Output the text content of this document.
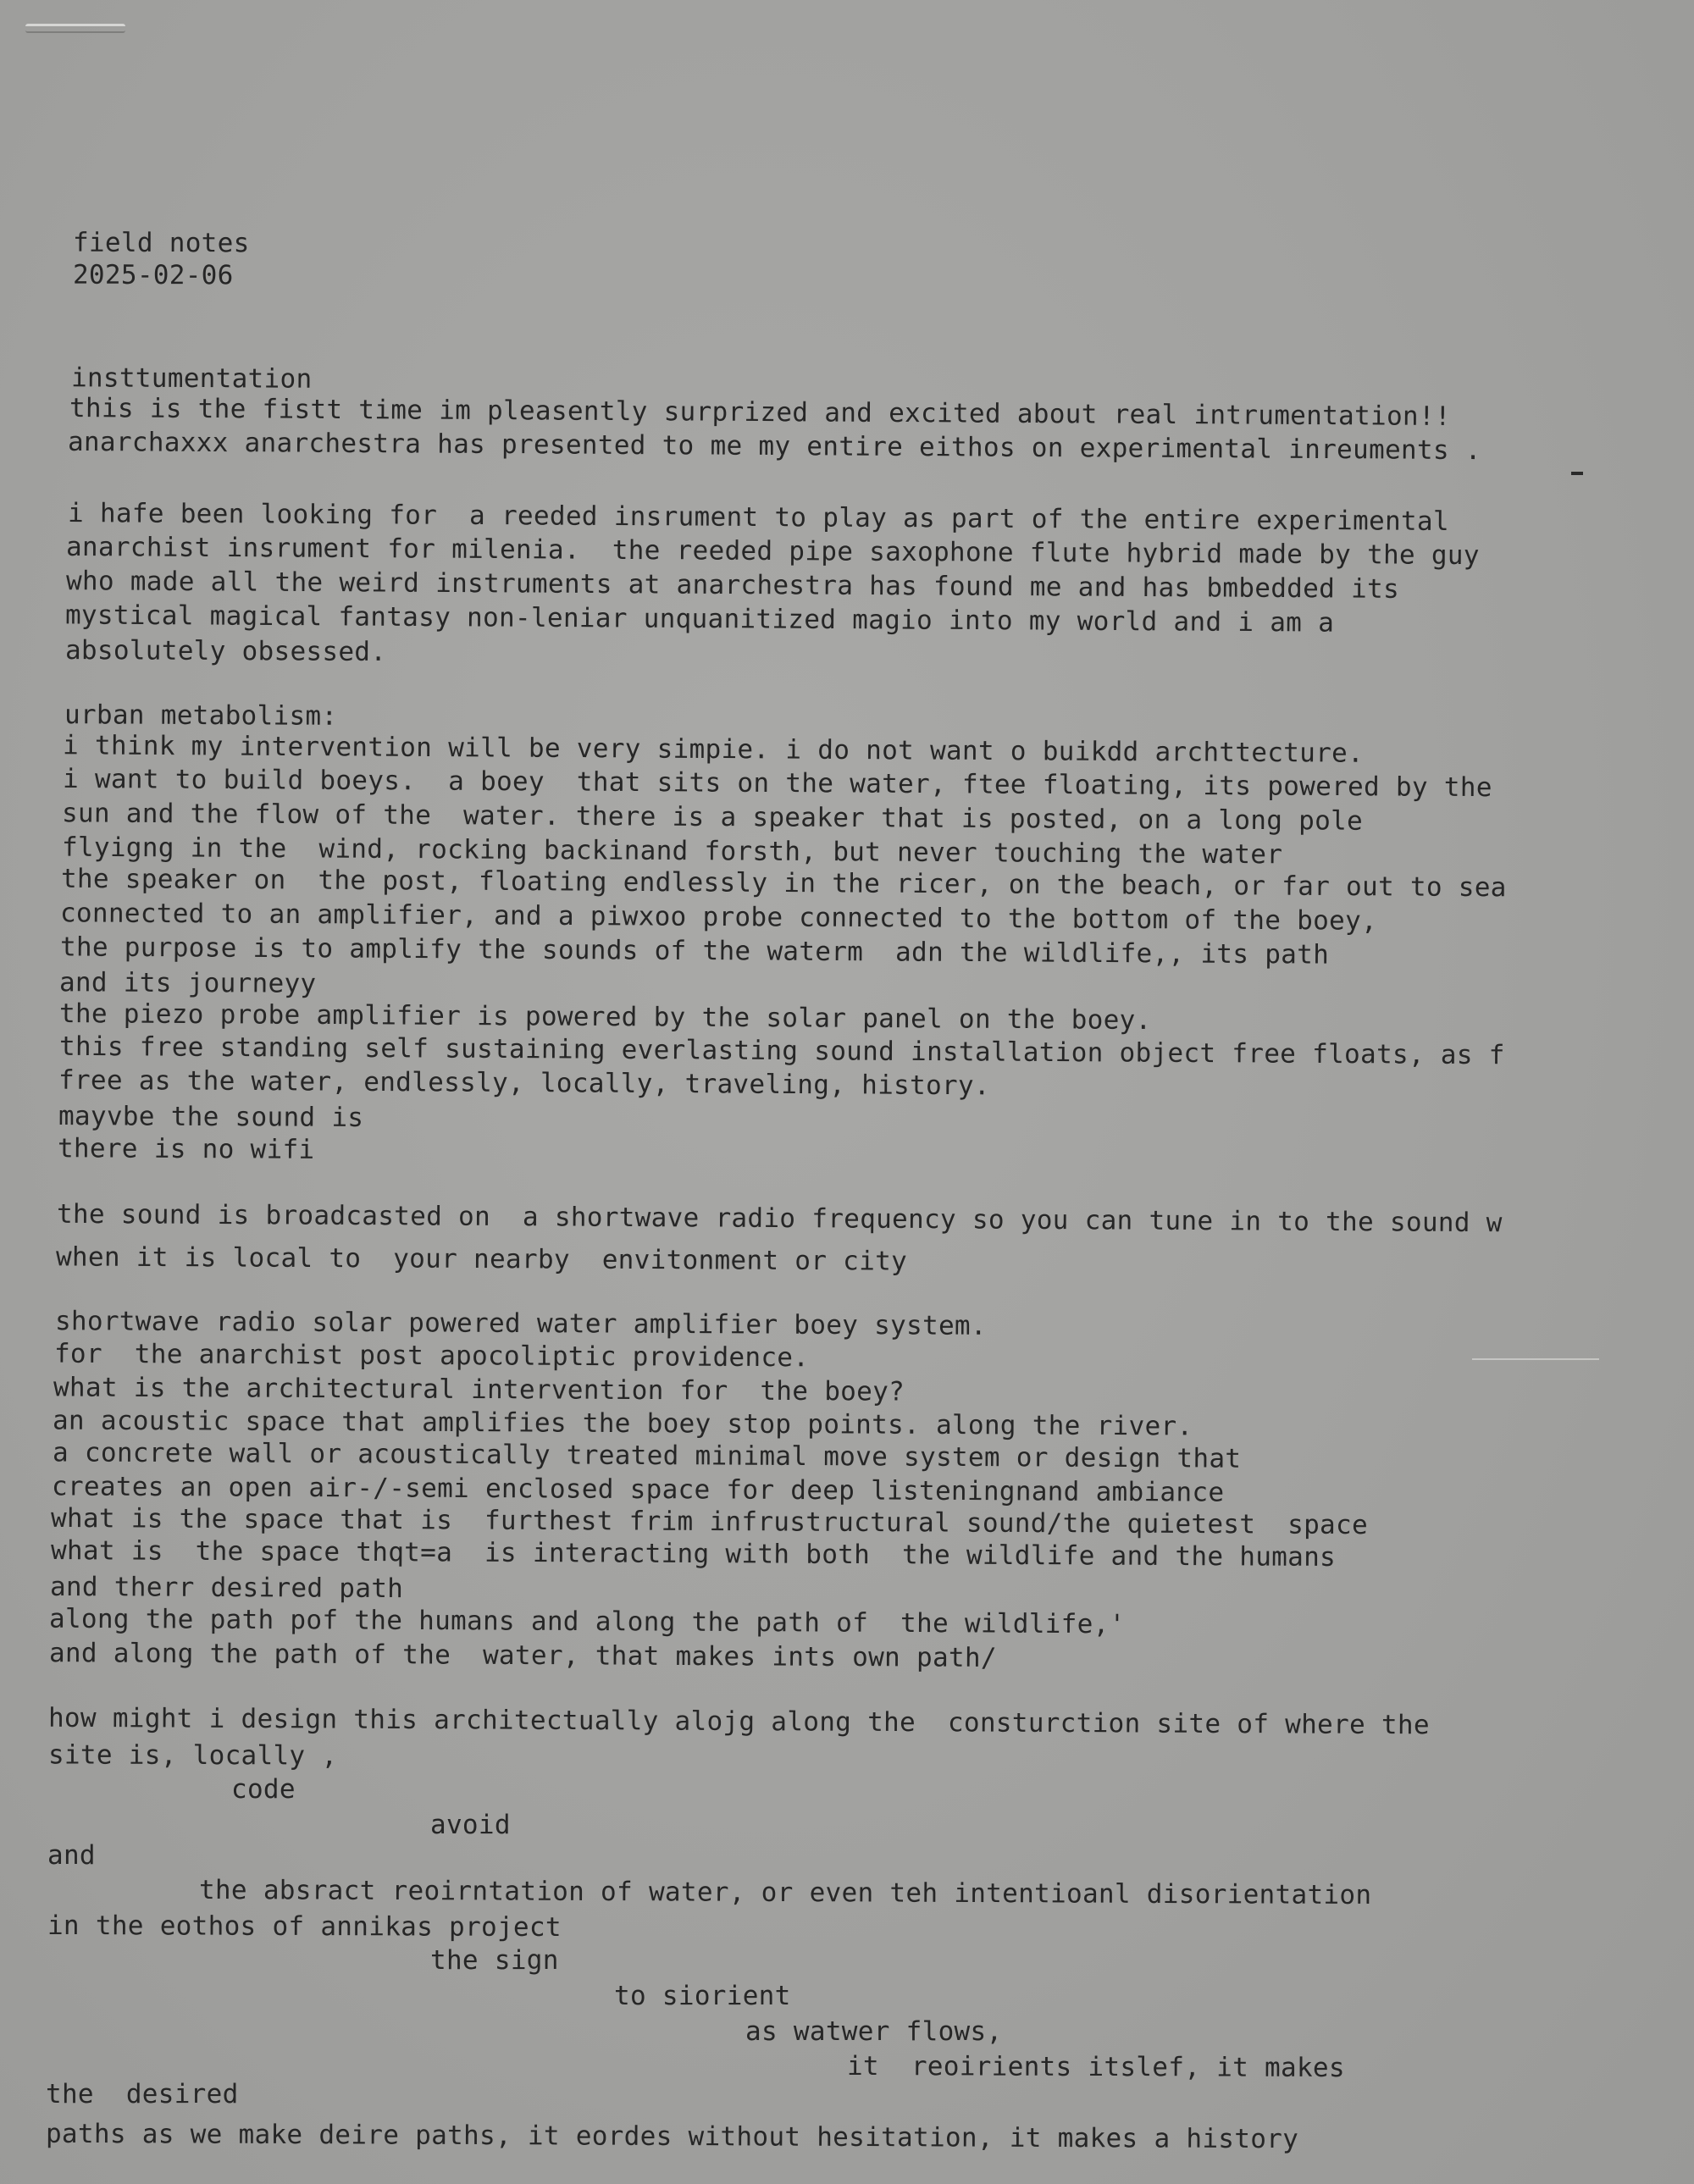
field notes
2025-02-06
insttumentation
this is the fistt time im pleasently surprized and excited about real intrumentation!!
anarchaxxx anarchestra has presented to me my entire eithos on experimental inreuments .
i hafe been looking for  a reeded insrument to play as part of the entire experimental
anarchist insrument for milenia.  the reeded pipe saxophone flute hybrid made by the guy
who made all the weird instruments at anarchestra has found me and has bmbedded its
mystical magical fantasy non-leniar unquanitized magio into my world and i am a
absolutely obsessed.
urban metabolism:
i think my intervention will be very simpie. i do not want o buikdd archttecture.
i want to build boeys.  a boey  that sits on the water, ftee floating, its powered by the
sun and the flow of the  water. there is a speaker that is posted, on a long pole
flyigng in the  wind, rocking backinand forsth, but never touching the water
the speaker on  the post, floating endlessly in the ricer, on the beach, or far out to sea
connected to an amplifier, and a piwxoo probe connected to the bottom of the boey,
the purpose is to amplify the sounds of the waterm  adn the wildlife,, its path
and its journeyy
the piezo probe amplifier is powered by the solar panel on the boey.
this free standing self sustaining everlasting sound installation object free floats, as f
free as the water, endlessly, locally, traveling, history.
mayvbe the sound is
there is no wifi
the sound is broadcasted on  a shortwave radio frequency so you can tune in to the sound w
when it is local to  your nearby  envitonment or city
shortwave radio solar powered water amplifier boey system.
for  the anarchist post apocoliptic providence.
what is the architectural intervention for  the boey?
an acoustic space that amplifies the boey stop points. along the river.
a concrete wall or acoustically treated minimal move system or design that
creates an open air-/-semi enclosed space for deep listeningnand ambiance
what is the space that is  furthest frim infrustructural sound/the quietest  space
what is  the space thqt=a  is interacting with both  the wildlife and the humans
and therr desired path
along the path pof the humans and along the path of  the wildlife,'
and along the path of the  water, that makes ints own path/
how might i design this architectually alojg along the  consturction site of where the
site is, locally ,
code
avoid
and
the absract reoirntation of water, or even teh intentioanl disorientation
in the eothos of annikas project
the sign
to siorient
as watwer flows,
it  reoirients itslef, it makes
the  desired
paths as we make deire paths, it eordes without hesitation, it makes a history
